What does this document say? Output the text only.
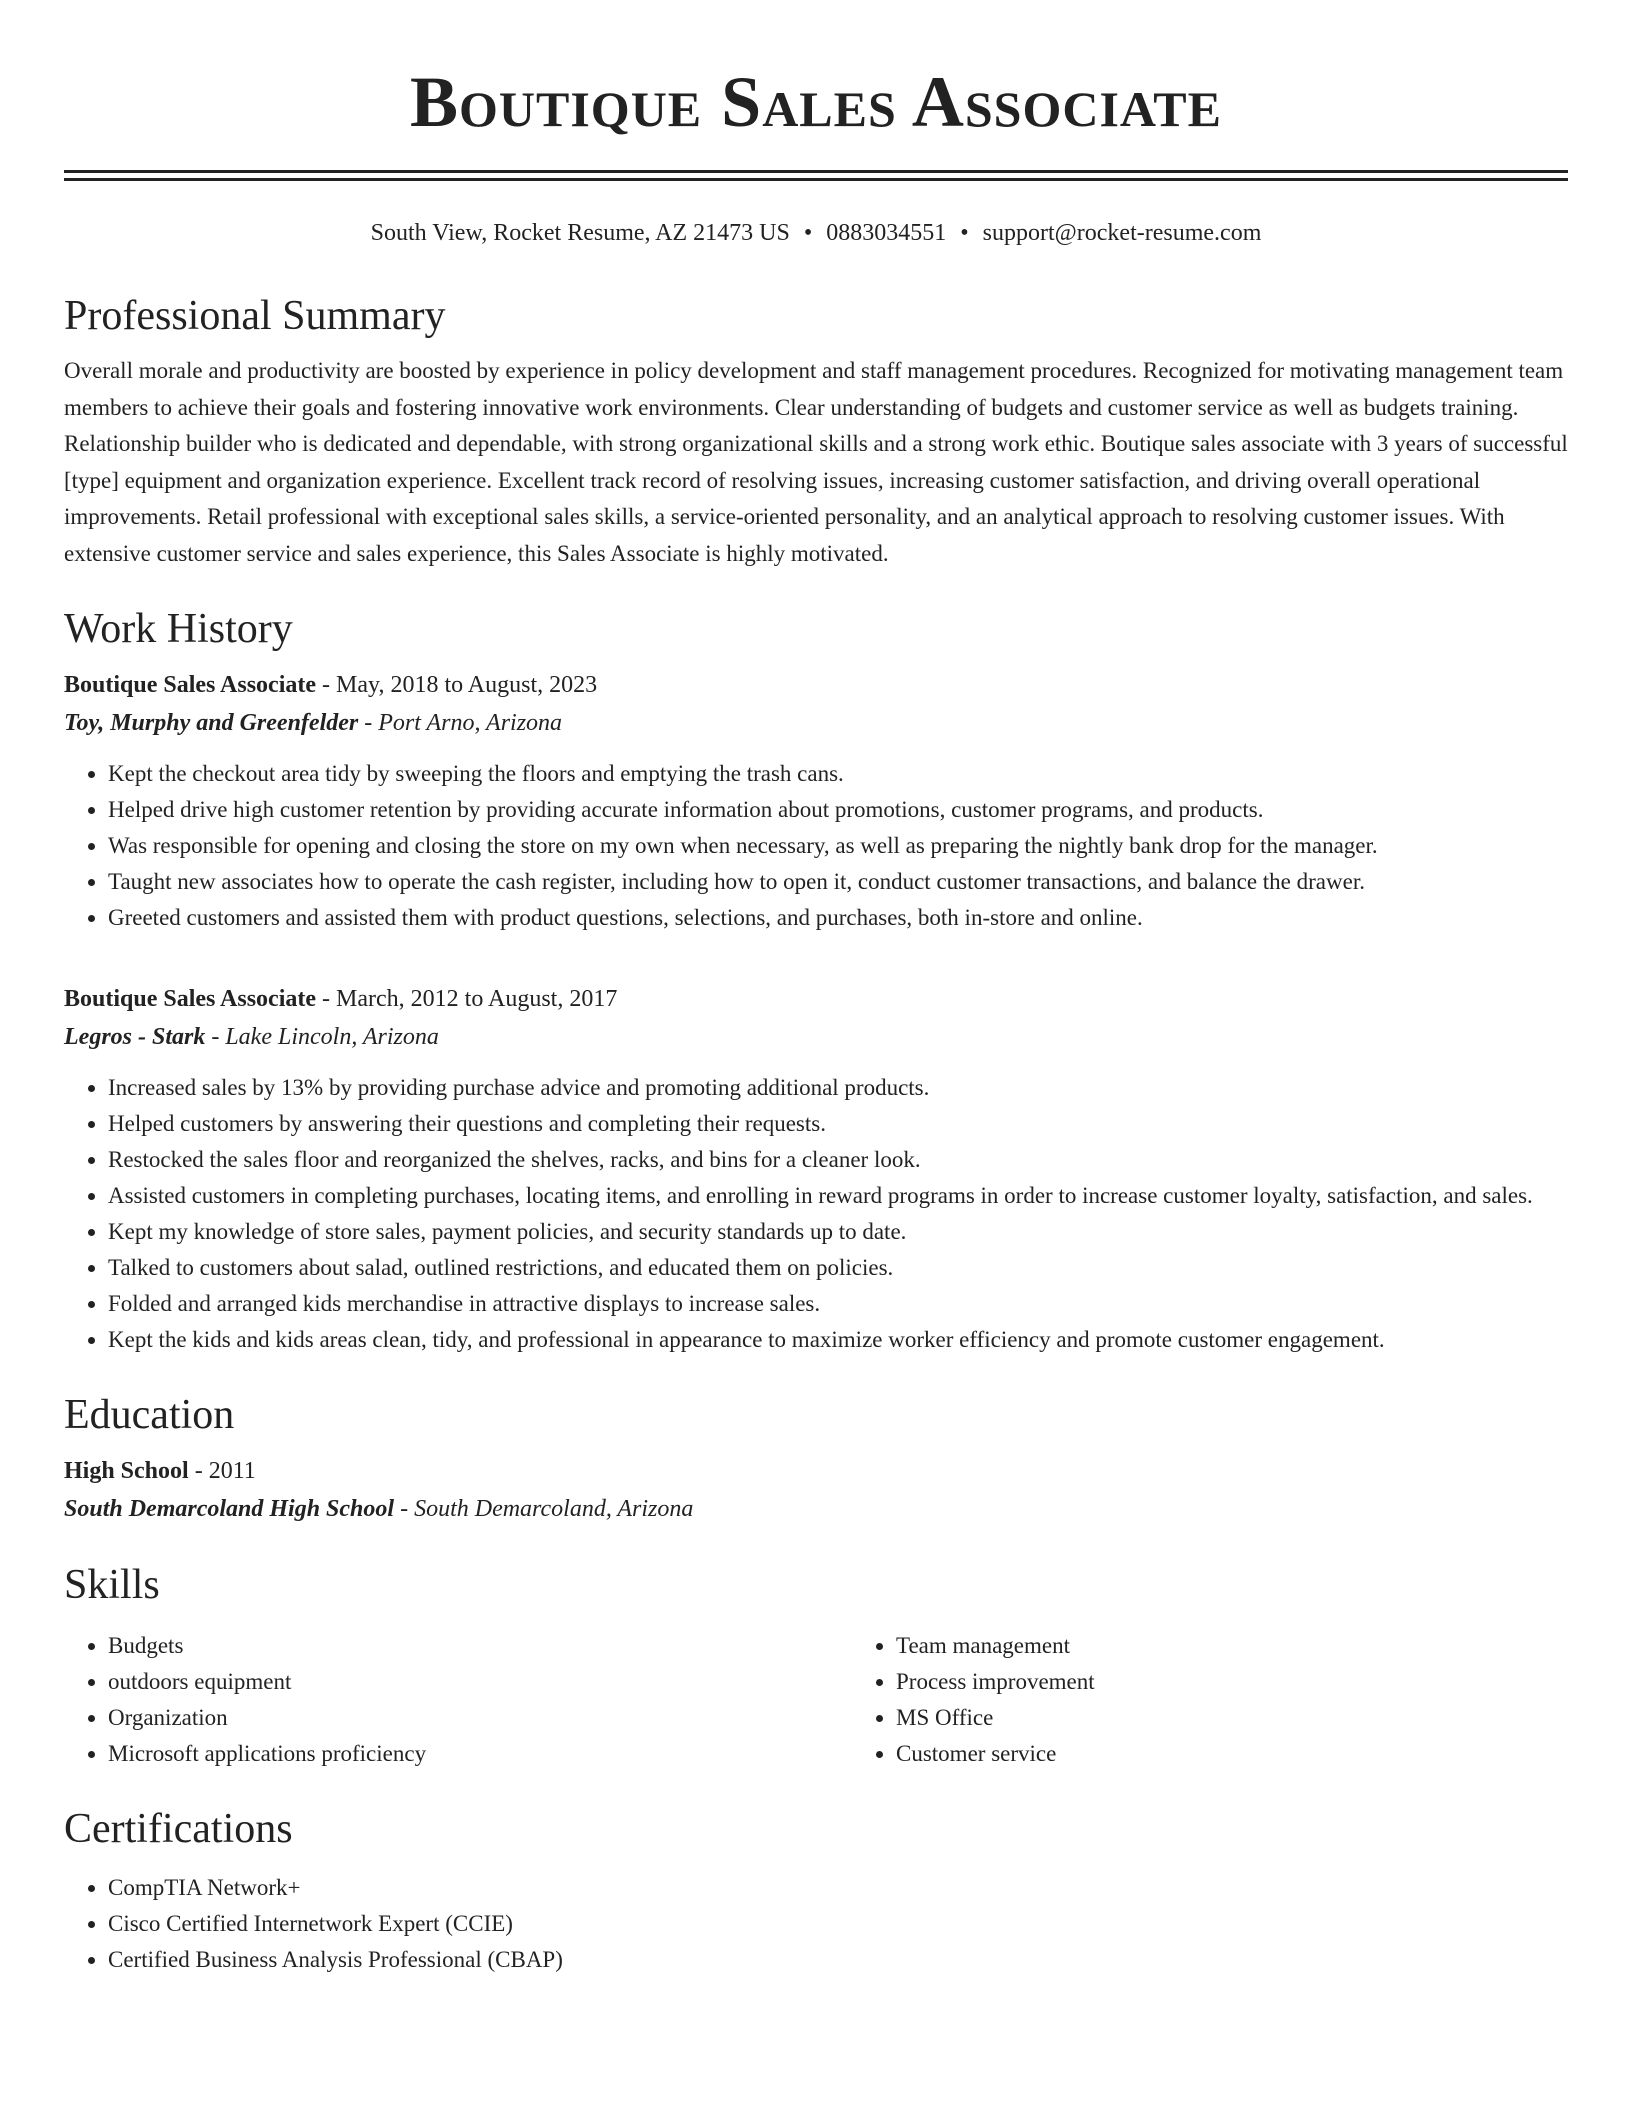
Boutique Sales Associate
South View, Rocket Resume, AZ 21473 US • 0883034551 • support@rocket-resume.com
Professional Summary

Overall morale and productivity are boosted by experience in policy development and staff management procedures. Recognized for motivating management team members to achieve their goals and fostering innovative work environments. Clear understanding of budgets and customer service as well as budgets training. Relationship builder who is dedicated and dependable, with strong organizational skills and a strong work ethic. Boutique sales associate with 3 years of successful [type] equipment and organization experience. Excellent track record of resolving issues, increasing customer satisfaction, and driving overall operational improvements. Retail professional with exceptional sales skills, a service-oriented personality, and an analytical approach to resolving customer issues. With extensive customer service and sales experience, this Sales Associate is highly motivated.

Work History
Boutique Sales Associate - May, 2018 to August, 2023
Toy, Murphy and Greenfelder - Port Arno, Arizona
• Kept the checkout area tidy by sweeping the floors and emptying the trash cans.
• Helped drive high customer retention by providing accurate information about promotions, customer programs, and products.
• Was responsible for opening and closing the store on my own when necessary, as well as preparing the nightly bank drop for the manager.
• Taught new associates how to operate the cash register, including how to open it, conduct customer transactions, and balance the drawer.
• Greeted customers and assisted them with product questions, selections, and purchases, both in-store and online.
Boutique Sales Associate - March, 2012 to August, 2017
Legros - Stark - Lake Lincoln, Arizona
• Increased sales by 13% by providing purchase advice and promoting additional products.
• Helped customers by answering their questions and completing their requests.
• Restocked the sales floor and reorganized the shelves, racks, and bins for a cleaner look.
• Assisted customers in completing purchases, locating items, and enrolling in reward programs in order to increase customer loyalty, satisfaction, and sales.
• Kept my knowledge of store sales, payment policies, and security standards up to date.
• Talked to customers about salad, outlined restrictions, and educated them on policies.
• Folded and arranged kids merchandise in attractive displays to increase sales.
• Kept the kids and kids areas clean, tidy, and professional in appearance to maximize worker efficiency and promote customer engagement.
Education
High School - 2011
South Demarcoland High School - South Demarcoland, Arizona
Skills
• Budgets
• outdoors equipment
• Organization
• Microsoft applications proficiency
• Team management
• Process improvement
• MS Office
• Customer service
Certifications
• CompTIA Network+
• Cisco Certified Internetwork Expert (CCIE)
• Certified Business Analysis Professional (CBAP)
